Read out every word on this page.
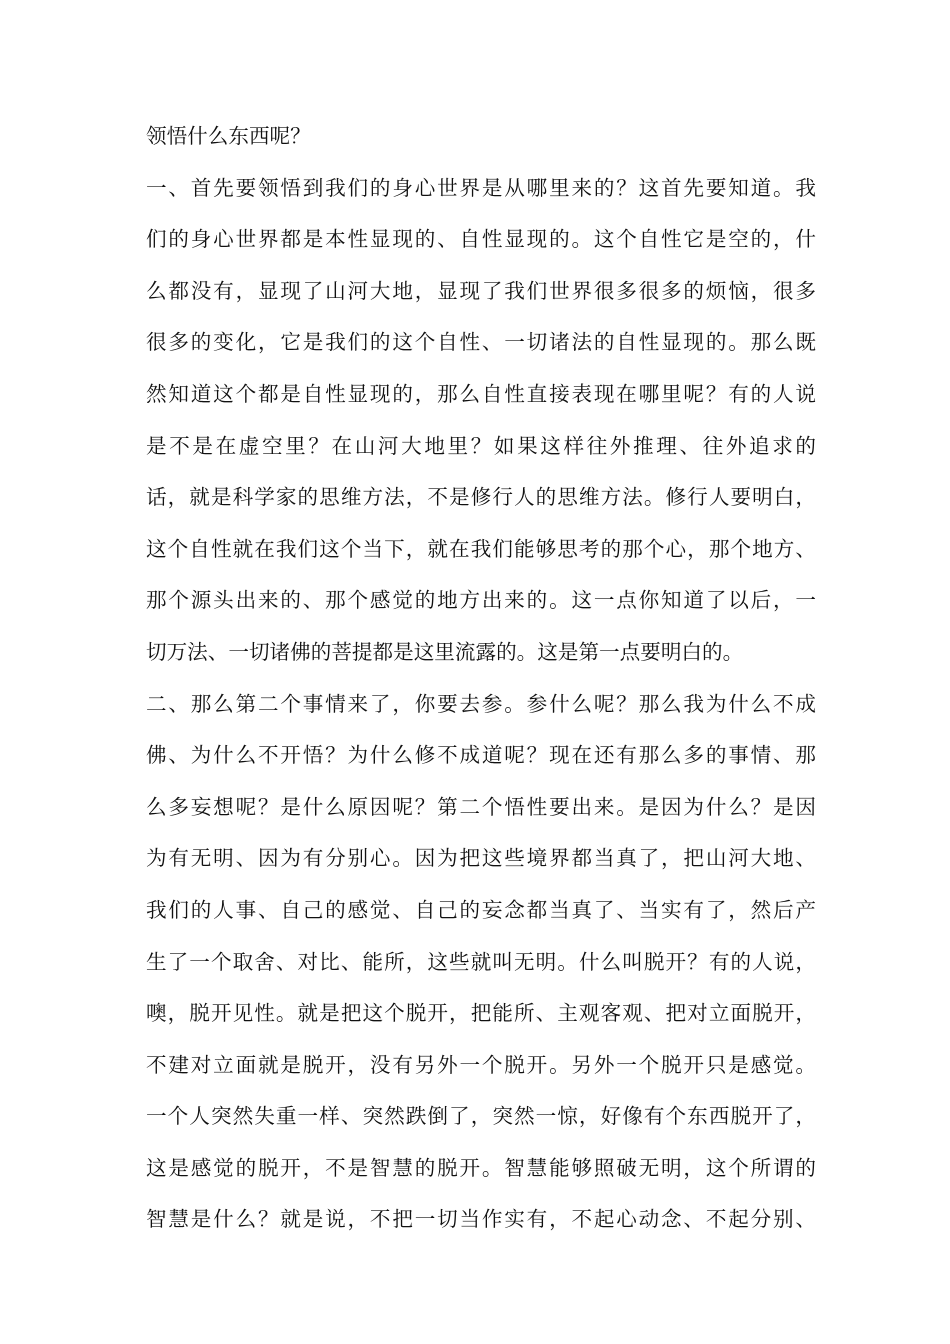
领悟什么东西呢？
一、首先要领悟到我们的身心世界是从哪里来的？这首先要知道。我
们的身心世界都是本性显现的、自性显现的。这个自性它是空的，什
么都没有，显现了山河大地，显现了我们世界很多很多的烦恼，很多
很多的变化，它是我们的这个自性、一切诸法的自性显现的。那么既
然知道这个都是自性显现的，那么自性直接表现在哪里呢？有的人说
是不是在虚空里？在山河大地里？如果这样往外推理、往外追求的
话，就是科学家的思维方法，不是修行人的思维方法。修行人要明白，
这个自性就在我们这个当下，就在我们能够思考的那个心，那个地方、
那个源头出来的、那个感觉的地方出来的。这一点你知道了以后，一
切万法、一切诸佛的菩提都是这里流露的。这是第一点要明白的。
二、那么第二个事情来了，你要去参。参什么呢？那么我为什么不成
佛、为什么不开悟？为什么修不成道呢？现在还有那么多的事情、那
么多妄想呢？是什么原因呢？第二个悟性要出来。是因为什么？是因
为有无明、因为有分别心。因为把这些境界都当真了，把山河大地、
我们的人事、自己的感觉、自己的妄念都当真了、当实有了，然后产
生了一个取舍、对比、能所，这些就叫无明。什么叫脱开？有的人说，
噢，脱开见性。就是把这个脱开，把能所、主观客观、把对立面脱开，
不建对立面就是脱开，没有另外一个脱开。另外一个脱开只是感觉。
一个人突然失重一样、突然跌倒了，突然一惊，好像有个东西脱开了，
这是感觉的脱开，不是智慧的脱开。智慧能够照破无明，这个所谓的
智慧是什么？就是说，不把一切当作实有，不起心动念、不起分别、
